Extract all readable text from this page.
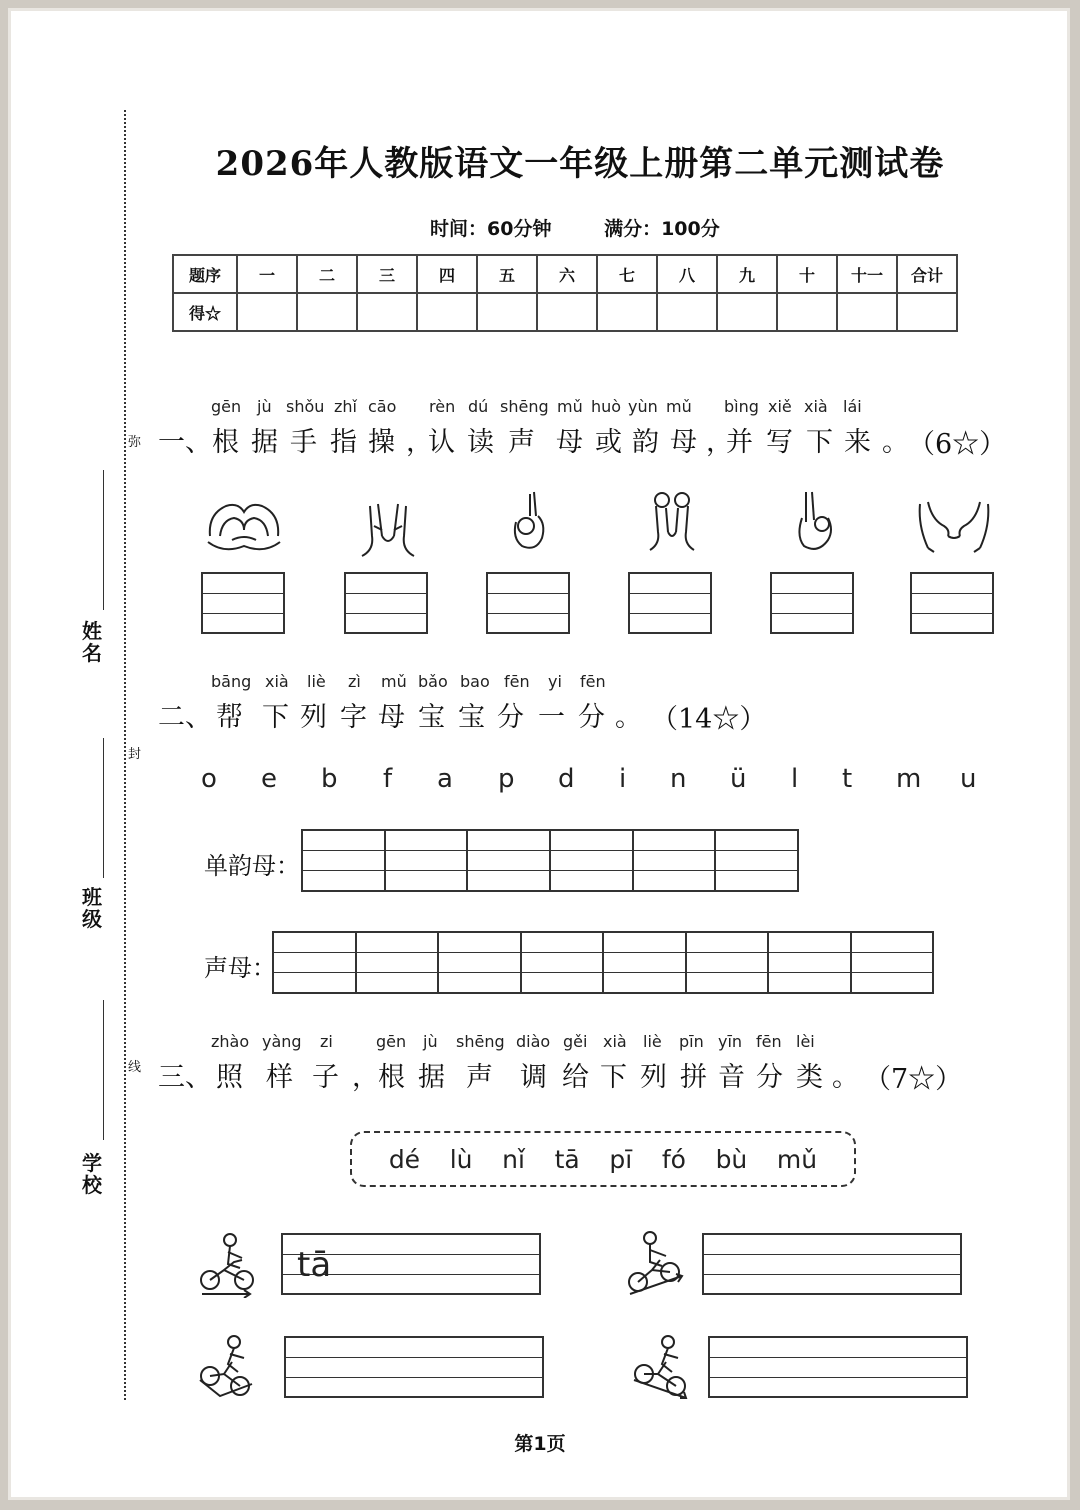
弥
封
线
姓名
班级
学校
2026年人教版语文一年级上册第二单元测试卷
时间：60分钟	满分：100分
题序	一	二	三	四	五	六	七	八	九	十	十一	合计
得☆												
gēn jù shǒu zhǐ cāo rèn dú shēng mǔ huò yùn mǔ bìng xiě xià lái
一、 根 据 手 指 操 ，
认 读 声 母 或 韵 母 ，
并 写 下 来 。 （6☆）
bāng xià liè zì mǔ bǎo bao fēn yi fēn
二、 帮 下 列 字 母 宝 宝 分 一 分 。 （14☆）
o e b f a p d i n ü l t m u
单韵母：
声母：
zhào yàng zi	gēn jù shēng diào gěi xià liè pīn yīn fēn lèi
三、 照 样 子 ， 根 据 声 调 给 下 列 拼 音 分 类 。 （7☆）
dé lù nǐ tā pī fó bù mǔ
tā
第1页
